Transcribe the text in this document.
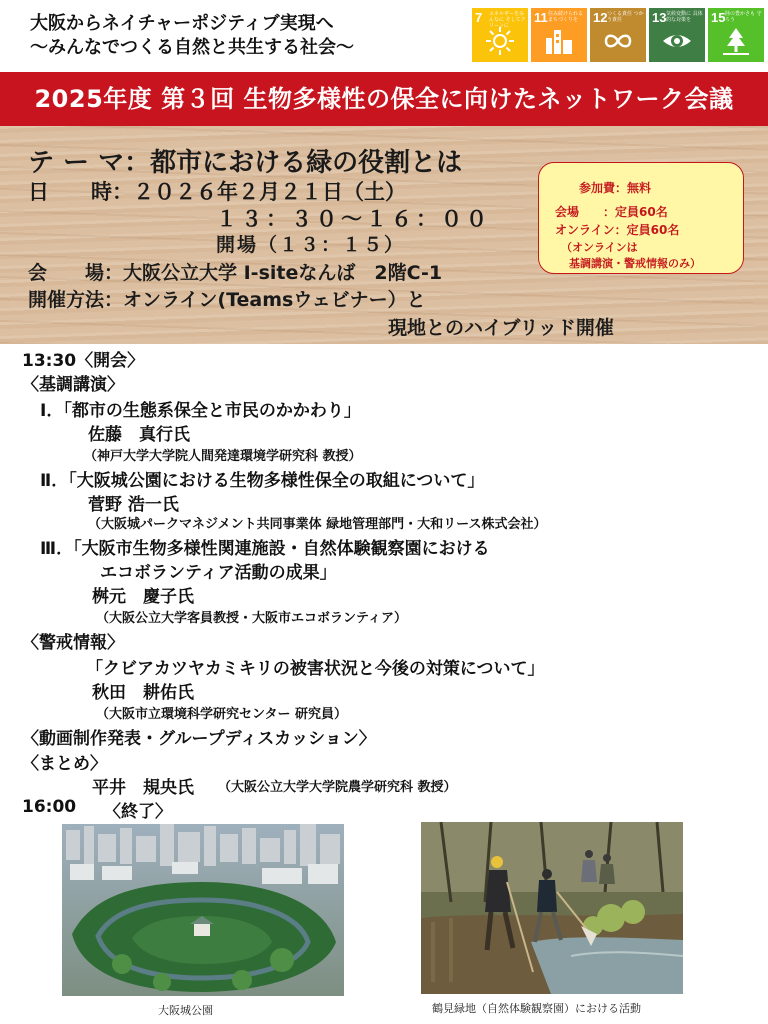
大阪からネイチャーポジティブ実現へ
〜みんなでつくる自然と共生する社会〜
7 エネルギーをみんなに そしてクリーンに
11 住み続けられる まちづくりを	12 つくる責任 つかう責任	13 気候変動に 具体的な対策を	15 陸の豊かさも 守ろう
2025年度 第３回 生物多様性の保全に向けたネットワーク会議
テ ー マ：都市における緑の役割とは
日　　時：２０２６年２月２１日（土）
１３：３０〜１６：００
開場（１３：１５）
会　　場：大阪公立大学 I-siteなんば　2階C-1
開催方法：オンライン(Teamsウェビナー）と
現地とのハイブリッド開催
参加費：無料
会場　　：定員60名
オンライン：定員60名
（オンラインは
基調講演・警戒情報のみ）
13:30〈開会〉
〈基調講演〉
Ⅰ．「都市の生態系保全と市民のかかわり」
佐藤　真行氏
（神戸大学大学院人間発達環境学研究科 教授）
Ⅱ．「大阪城公園における生物多様性保全の取組について」
菅野 浩一氏
（大阪城パークマネジメント共同事業体 緑地管理部門・大和リース株式会社）
Ⅲ．「大阪市生物多様性関連施設・自然体験観察園における
エコボランティア活動の成果」
桝元　慶子氏
（大阪公立大学客員教授・大阪市エコボランティア）
〈警戒情報〉
「クビアカツヤカミキリの被害状況と今後の対策について」
秋田　耕佑氏
（大阪市立環境科学研究センター 研究員）
〈動画制作発表・グループディスカッション〉
〈まとめ〉
平井　規央氏 （大阪公立大学大学院農学研究科 教授）
16:00 〈終了〉
大阪城公園	鶴見緑地（自然体験観察園）における活動
